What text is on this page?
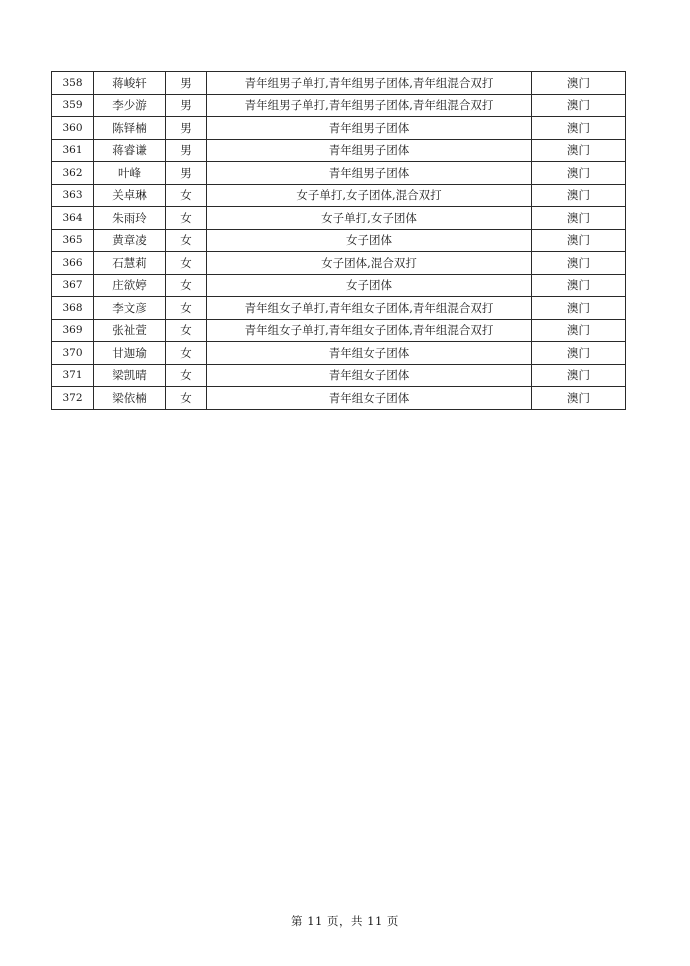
358	蒋峻轩	男	青年组男子单打,青年组男子团体,青年组混合双打	澳门
359	李少游	男	青年组男子单打,青年组男子团体,青年组混合双打	澳门
360	陈铎楠	男	青年组男子团体	澳门
361	蒋睿谦	男	青年组男子团体	澳门
362	叶峰	男	青年组男子团体	澳门
363	关卓琳	女	女子单打,女子团体,混合双打	澳门
364	朱雨玲	女	女子单打,女子团体	澳门
365	黄章凌	女	女子团体	澳门
366	石慧莉	女	女子团体,混合双打	澳门
367	庄欲婷	女	女子团体	澳门
368	李文彦	女	青年组女子单打,青年组女子团体,青年组混合双打	澳门
369	张祉萱	女	青年组女子单打,青年组女子团体,青年组混合双打	澳门
370	甘迦瑜	女	青年组女子团体	澳门
371	梁凯晴	女	青年组女子团体	澳门
372	梁依楠	女	青年组女子团体	澳门
第 11 页，共 11 页
